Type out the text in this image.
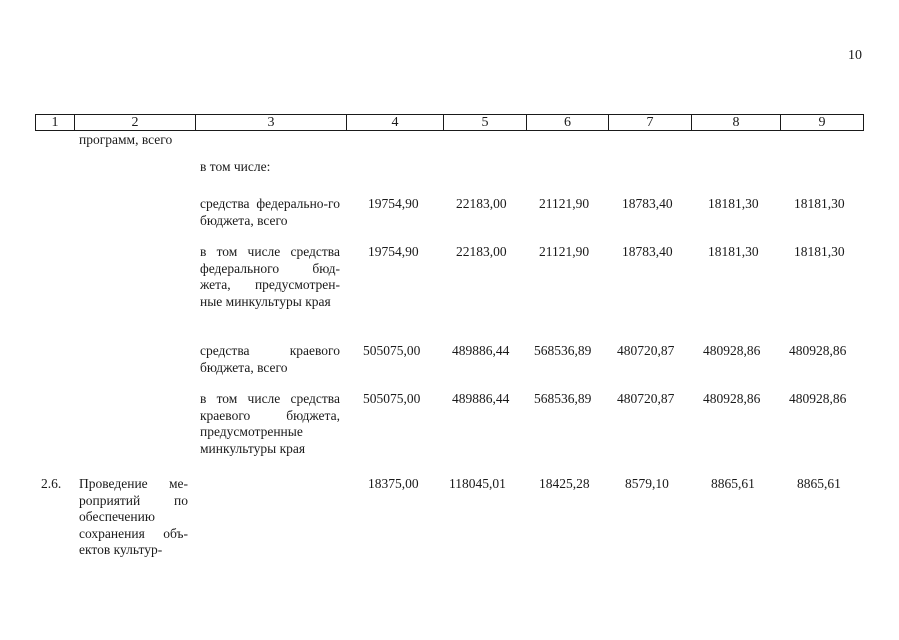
10
1	2	3	4	5	6	7	8	9
программ, всего
в том числе:
средства федерально-го бюджета, всего
19754,90	22183,00 21121,90 18783,40	18181,30	18181,30
в том числе средства федерального бюд-жета, предусмотрен-ные минкультуры края
19754,90	22183,00 21121,90 18783,40	18181,30	18181,30
средства краевого бюджета, всего
505075,00 489886,44 568536,89 480720,87 480928,86 480928,86
в том числе средства краевого бюджета, предусмотренные минкультуры края
505075,00 489886,44 568536,89 480720,87 480928,86 480928,86
2.6. Проведение ме-роприятий по обеспечению сохранения объ-ектов культур-
18375,00 118045,01 18425,28	8579,10	8865,61	8865,61
